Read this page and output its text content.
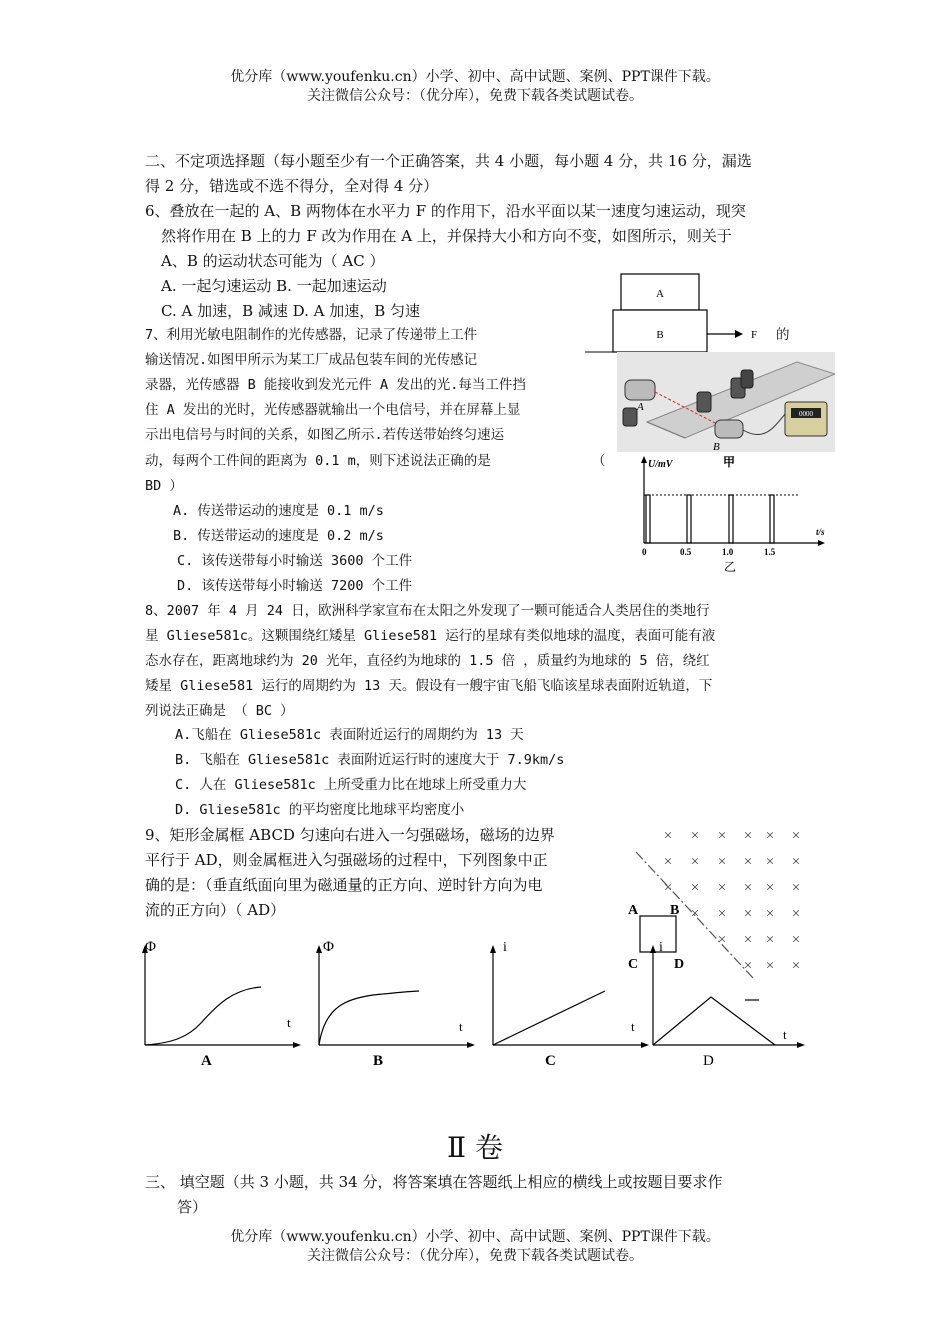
优分库（www.youfenku.cn）小学、初中、高中试题、案例、PPT课件下载。
关注微信公众号：（优分库），免费下载各类试题试卷。
二、不定项选择题（每小题至少有一个正确答案，共 4 小题，每小题 4 分，共 16 分，漏选
得 2 分，错选或不选不得分，全对得 4 分）
6、叠放在一起的 A、B 两物体在水平力 F 的作用下，沿水平面以某一速度匀速运动，现突
然将作用在 B 上的力 F 改为作用在 A 上，并保持大小和方向不变，如图所示，则关于
A、B 的运动状态可能为（ AC ）
A. 一起匀速运动 B. 一起加速运动
C. A 加速，B 减速 D. A 加速，B 匀速
A
B	F
7、利用光敏电阻制作的光传感器，记录了传递带上工件	的
输送情况.如图甲所示为某工厂成品包装车间的光传感记
录器，光传感器 B 能接收到发光元件 A 发出的光.每当工件挡
住 A 发出的光时，光传感器就输出一个电信号，并在屏幕上显
示出电信号与时间的关系，如图乙所示.若传送带始终匀速运
动，每两个工件间的距离为 0.1 m，则下述说法正确的是	（
BD ）
A. 传送带运动的速度是 0.1 m/s
B. 传送带运动的速度是 0.2 m/s
C. 该传送带每小时输送 3600 个工件
D. 该传送带每小时输送 7200 个工件
A
B
0000
甲
U/mV
t/s
0	0.5	1.0	1.5
乙
8、2007 年 4 月 24 日，欧洲科学家宣布在太阳之外发现了一颗可能适合人类居住的类地行
星 Gliese581c。这颗围绕红矮星 Gliese581 运行的星球有类似地球的温度，表面可能有液
态水存在，距离地球约为 20 光年，直径约为地球的 1.5 倍 ，质量约为地球的 5 倍，绕红
矮星 Gliese581 运行的周期约为 13 天。假设有一艘宇宙飞船飞临该星球表面附近轨道，下
列说法正确是 （ BC ）
A.飞船在 Gliese581c 表面附近运行的周期约为 13 天
B. 飞船在 Gliese581c 表面附近运行时的速度大于 7.9km/s
C. 人在 Gliese581c 上所受重力比在地球上所受重力大
D. Gliese581c 的平均密度比地球平均密度小
9、矩形金属框 ABCD 匀速向右进入一匀强磁场，磁场的边界
平行于 AD，则金属框进入匀强磁场的过程中，下列图象中正
确的是：（垂直纸面向里为磁通量的正方向、逆时针方向为电
流的正方向）（ AD）
× × × × × ×
× × × × × ×
× × × × × ×
× × × × ×
× × × ×
× × ×
A B
C	D
Φ
t
A
Φ
t
B
i
t
C
i
t
D
Ⅱ 卷
三、 填空题（共 3 小题，共 34 分，将答案填在答题纸上相应的横线上或按题目要求作
答）
优分库（www.youfenku.cn）小学、初中、高中试题、案例、PPT课件下载。
关注微信公众号：（优分库），免费下载各类试题试卷。
